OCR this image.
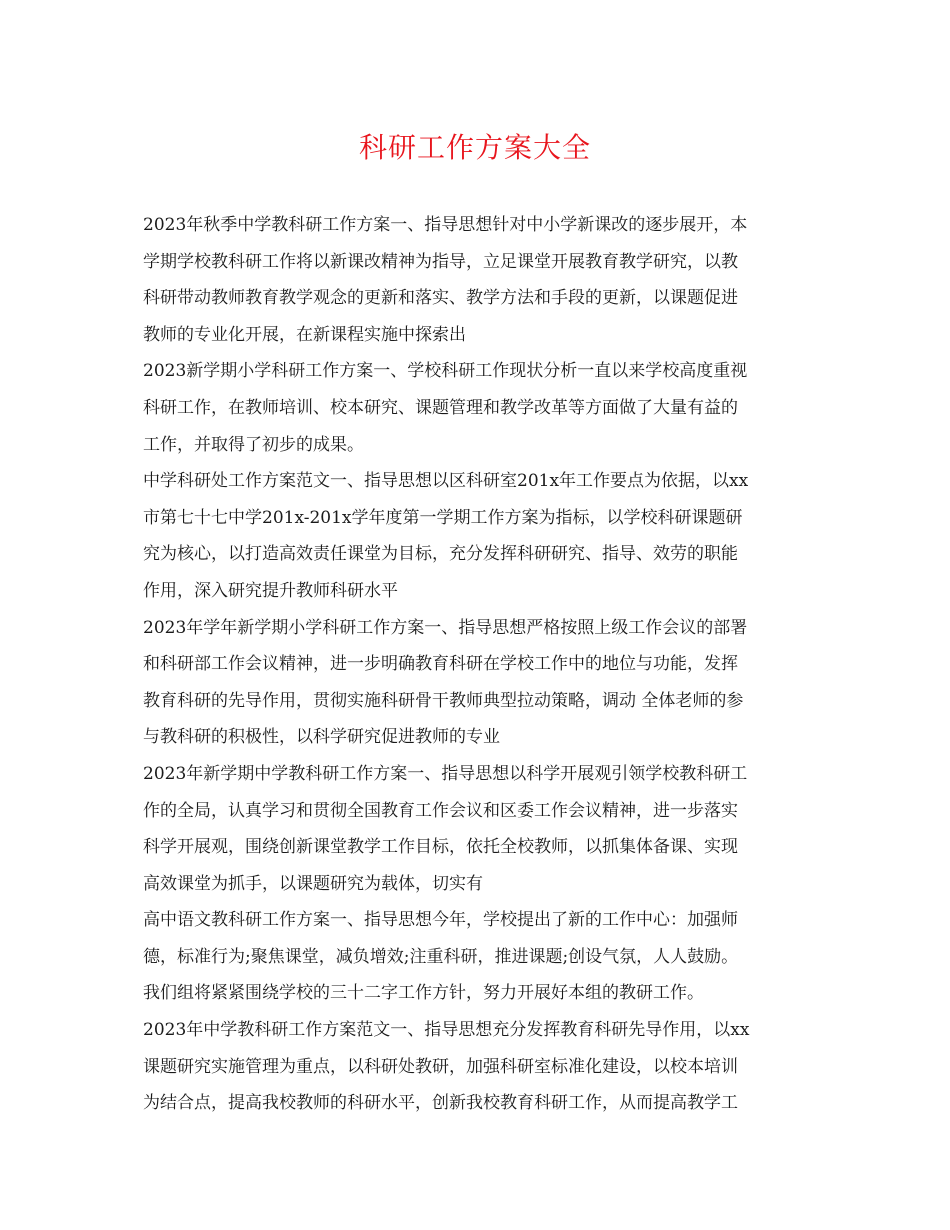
科研工作方案大全
2023年秋季中学教科研工作方案一、指导思想针对中小学新课改的逐步展开，本
学期学校教科研工作将以新课改精神为指导，立足课堂开展教育教学研究，以教
科研带动教师教育教学观念的更新和落实、教学方法和手段的更新，以课题促进
教师的专业化开展，在新课程实施中探索出
2023新学期小学科研工作方案一、学校科研工作现状分析一直以来学校高度重视
科研工作，在教师培训、校本研究、课题管理和教学改革等方面做了大量有益的
工作，并取得了初步的成果。
中学科研处工作方案范文一、指导思想以区科研室201x年工作要点为依据，以xx
市第七十七中学201x-201x学年度第一学期工作方案为指标，以学校科研课题研
究为核心，以打造高效责任课堂为目标，充分发挥科研研究、指导、效劳的职能
作用，深入研究提升教师科研水平
2023年学年新学期小学科研工作方案一、指导思想严格按照上级工作会议的部署
和科研部工作会议精神，进一步明确教育科研在学校工作中的地位与功能，发挥
教育科研的先导作用，贯彻实施科研骨干教师典型拉动策略，调动 全体老师的参
与教科研的积极性，以科学研究促进教师的专业
2023年新学期中学教科研工作方案一、指导思想以科学开展观引领学校教科研工
作的全局，认真学习和贯彻全国教育工作会议和区委工作会议精神，进一步落实
科学开展观，围绕创新课堂教学工作目标，依托全校教师，以抓集体备课、实现
高效课堂为抓手，以课题研究为载体，切实有
高中语文教科研工作方案一、指导思想今年，学校提出了新的工作中心：加强师
德，标准行为;聚焦课堂，减负增效;注重科研，推进课题;创设气氛，人人鼓励。
我们组将紧紧围绕学校的三十二字工作方针，努力开展好本组的教研工作。
2023年中学教科研工作方案范文一、指导思想充分发挥教育科研先导作用，以xx
课题研究实施管理为重点，以科研处教研，加强科研室标准化建设，以校本培训
为结合点，提高我校教师的科研水平，创新我校教育科研工作，从而提高教学工
